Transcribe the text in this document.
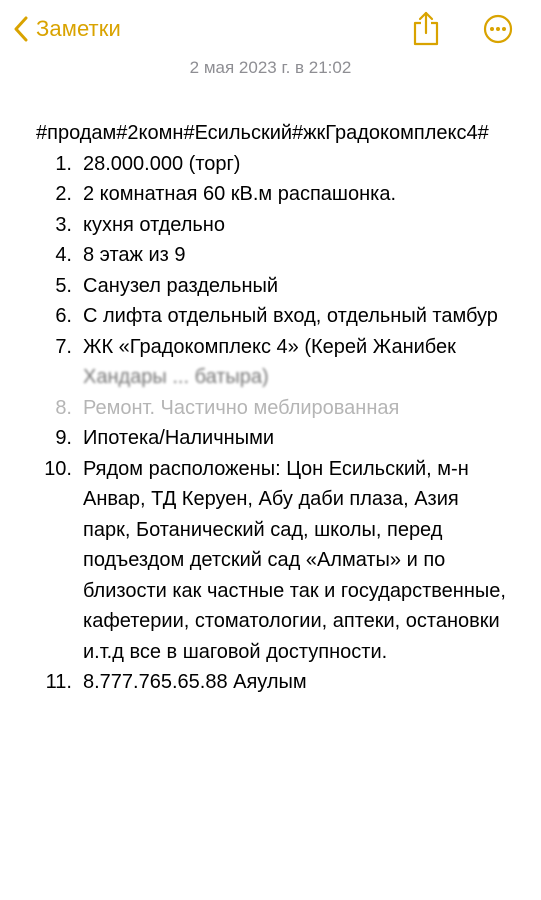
Заметки
2 мая 2023 г. в 21:02

#продам#2комн#Есильский#жкГрадокомплекс4#

1. 28.000.000 (торг)
2. 2 комнатная 60 кВ.м распашонка.
3. кухня отдельно
4. 8 этаж из 9
5. Санузел раздельный
6. С лифта отдельный вход, отдельный тамбур
7. ЖК «Градокомплекс 4» (Керей Жанибек
Хандары ... батыра)
8. Ремонт. Частично меблированная
9. Ипотека/Наличными
10. Рядом расположены: Цон Есильский, м-н Анвар, ТД Керуен, Абу даби плаза, Азия парк, Ботанический сад, школы, перед подъездом детский сад «Алматы» и по близости как частные так и государственные, кафетерии, стоматологии, аптеки, остановки и.т.д все в шаговой доступности.
11. 8.777.765.65.88 Аяулым
